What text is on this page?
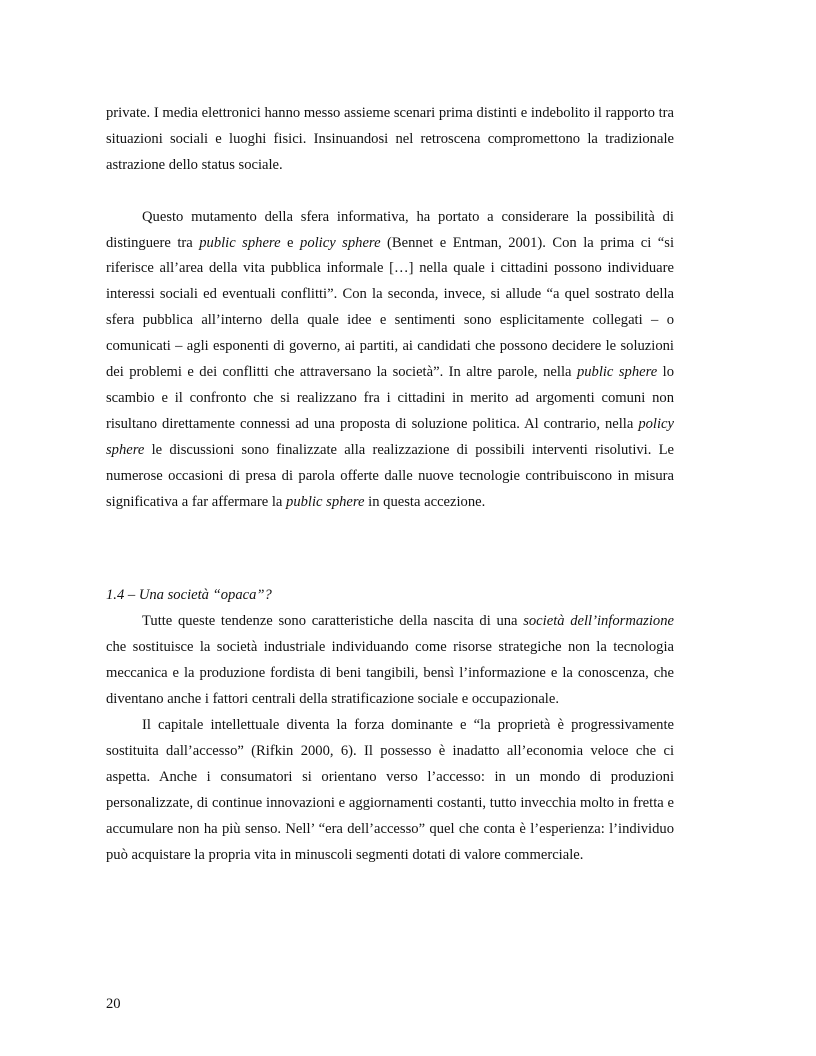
private. I media elettronici hanno messo assieme scenari prima distinti e indebolito il rapporto tra situazioni sociali e luoghi fisici. Insinuandosi nel retroscena compromettono la tradizionale astrazione dello status sociale.

Questo mutamento della sfera informativa, ha portato a considerare la possibilità di distinguere tra public sphere e policy sphere (Bennet e Entman, 2001). Con la prima ci “si riferisce all’area della vita pubblica informale […] nella quale i cittadini possono individuare interessi sociali ed eventuali conflitti”. Con la seconda, invece, si allude “a quel sostrato della sfera pubblica all’interno della quale idee e sentimenti sono esplicitamente collegati – o comunicati – agli esponenti di governo, ai partiti, ai candidati che possono decidere le soluzioni dei problemi e dei conflitti che attraversano la società”. In altre parole, nella public sphere lo scambio e il confronto che si realizzano fra i cittadini in merito ad argomenti comuni non risultano direttamente connessi ad una proposta di soluzione politica. Al contrario, nella policy sphere le discussioni sono finalizzate alla realizzazione di possibili interventi risolutivi. Le numerose occasioni di presa di parola offerte dalle nuove tecnologie contribuiscono in misura significativa a far affermare la public sphere in questa accezione.

1.4 – Una società “opaca”?

Tutte queste tendenze sono caratteristiche della nascita di una società dell’informazione che sostituisce la società industriale individuando come risorse strategiche non la tecnologia meccanica e la produzione fordista di beni tangibili, bensì l’informazione e la conoscenza, che diventano anche i fattori centrali della stratificazione sociale e occupazionale.

Il capitale intellettuale diventa la forza dominante e “la proprietà è progressivamente sostituita dall’accesso” (Rifkin 2000, 6). Il possesso è inadatto all’economia veloce che ci aspetta. Anche i consumatori si orientano verso l’accesso: in un mondo di produzioni personalizzate, di continue innovazioni e aggiornamenti costanti, tutto invecchia molto in fretta e accumulare non ha più senso. Nell’ “era dell’accesso” quel che conta è l’esperienza: l’individuo può acquistare la propria vita in minuscoli segmenti dotati di valore commerciale.

20
